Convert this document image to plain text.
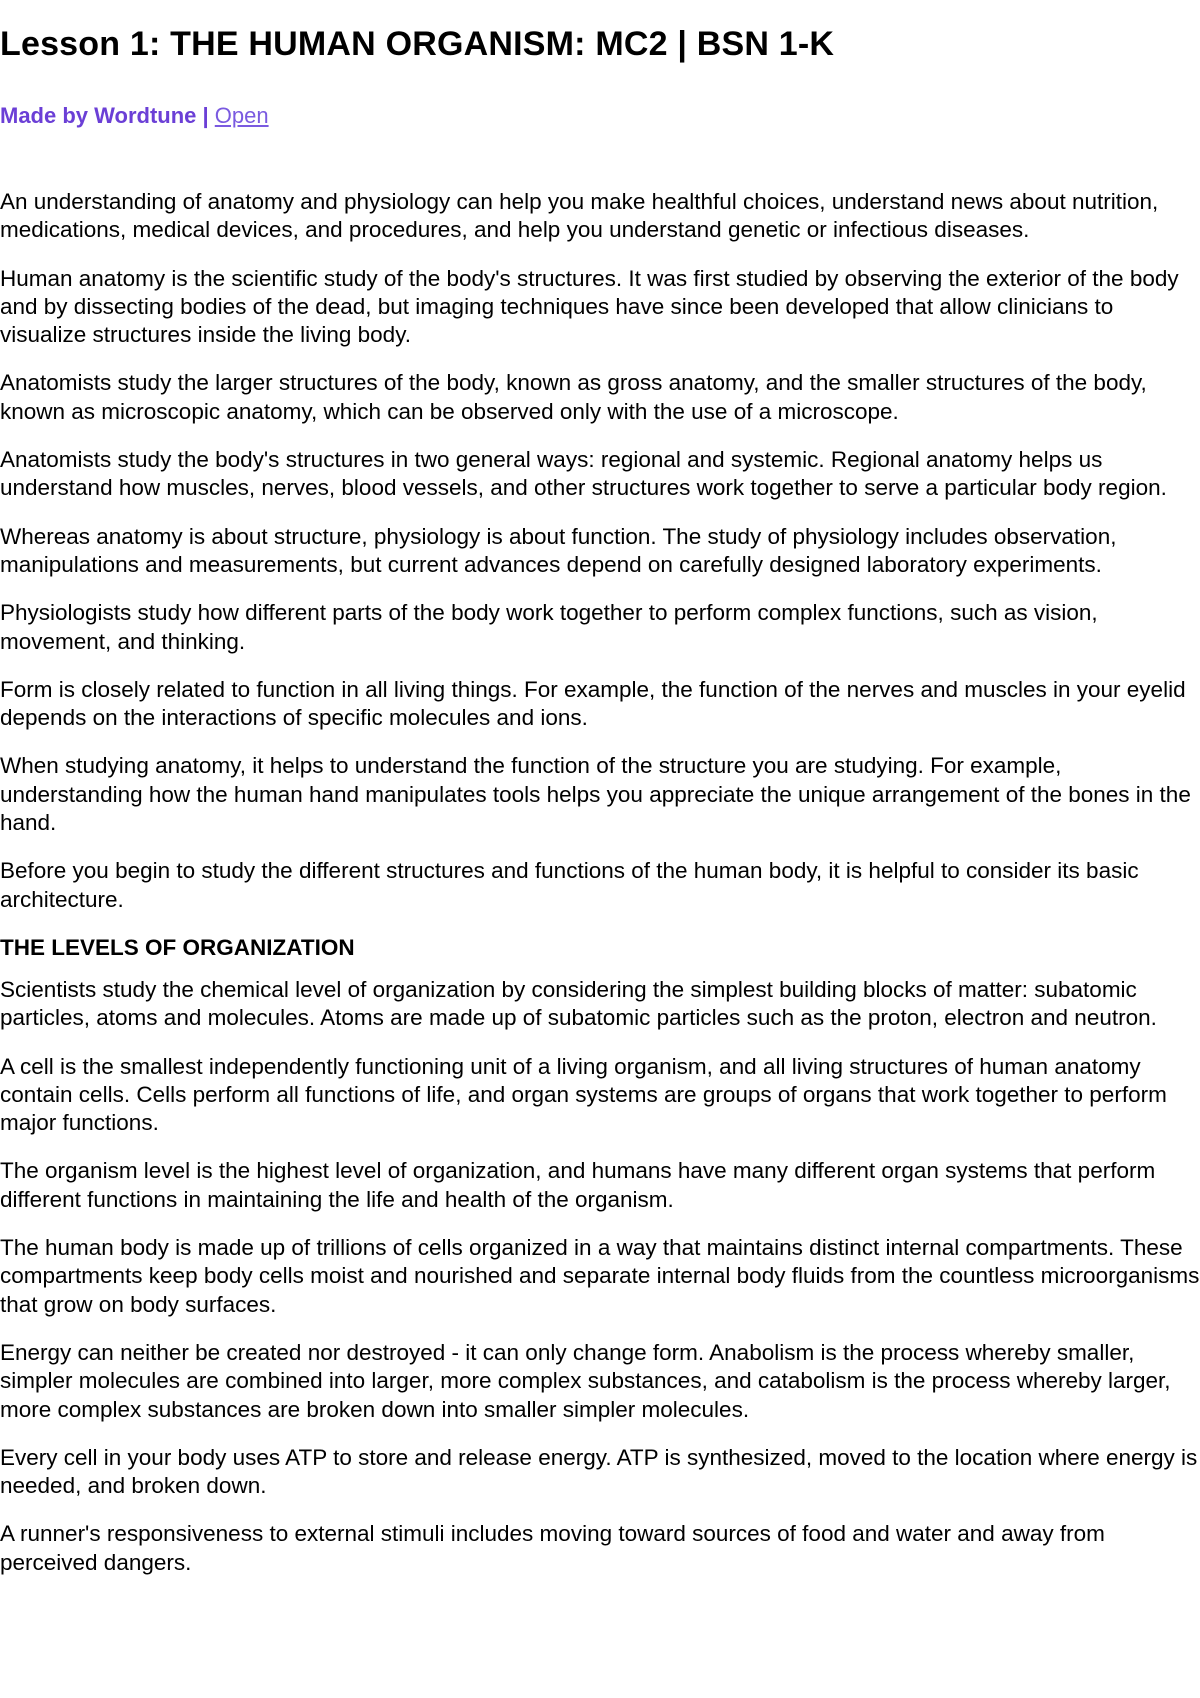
Lesson 1: THE HUMAN ORGANISM: MC2 | BSN 1-K
Made by Wordtune | Open

An understanding of anatomy and physiology can help you make healthful choices, understand news about nutrition, medications, medical devices, and procedures, and help you understand genetic or infectious diseases.

Human anatomy is the scientific study of the body's structures. It was first studied by observing the exterior of the body and by dissecting bodies of the dead, but imaging techniques have since been developed that allow clinicians to visualize structures inside the living body.

Anatomists study the larger structures of the body, known as gross anatomy, and the smaller structures of the body, known as microscopic anatomy, which can be observed only with the use of a microscope.

Anatomists study the body's structures in two general ways: regional and systemic. Regional anatomy helps us understand how muscles, nerves, blood vessels, and other structures work together to serve a particular body region.

Whereas anatomy is about structure, physiology is about function. The study of physiology includes observation, manipulations and measurements, but current advances depend on carefully designed laboratory experiments.

Physiologists study how different parts of the body work together to perform complex functions, such as vision, movement, and thinking.

Form is closely related to function in all living things. For example, the function of the nerves and muscles in your eyelid depends on the interactions of specific molecules and ions.

When studying anatomy, it helps to understand the function of the structure you are studying. For example, understanding how the human hand manipulates tools helps you appreciate the unique arrangement of the bones in the hand.

Before you begin to study the different structures and functions of the human body, it is helpful to consider its basic architecture.

THE LEVELS OF ORGANIZATION

Scientists study the chemical level of organization by considering the simplest building blocks of matter: subatomic particles, atoms and molecules. Atoms are made up of subatomic particles such as the proton, electron and neutron.

A cell is the smallest independently functioning unit of a living organism, and all living structures of human anatomy contain cells. Cells perform all functions of life, and organ systems are groups of organs that work together to perform major functions.

The organism level is the highest level of organization, and humans have many different organ systems that perform different functions in maintaining the life and health of the organism.

The human body is made up of trillions of cells organized in a way that maintains distinct internal compartments. These compartments keep body cells moist and nourished and separate internal body fluids from the countless microorganisms that grow on body surfaces.

Energy can neither be created nor destroyed - it can only change form. Anabolism is the process whereby smaller, simpler molecules are combined into larger, more complex substances, and catabolism is the process whereby larger, more complex substances are broken down into smaller simpler molecules.

Every cell in your body uses ATP to store and release energy. ATP is synthesized, moved to the location where energy is needed, and broken down.

A runner's responsiveness to external stimuli includes moving toward sources of food and water and away from perceived dangers.
